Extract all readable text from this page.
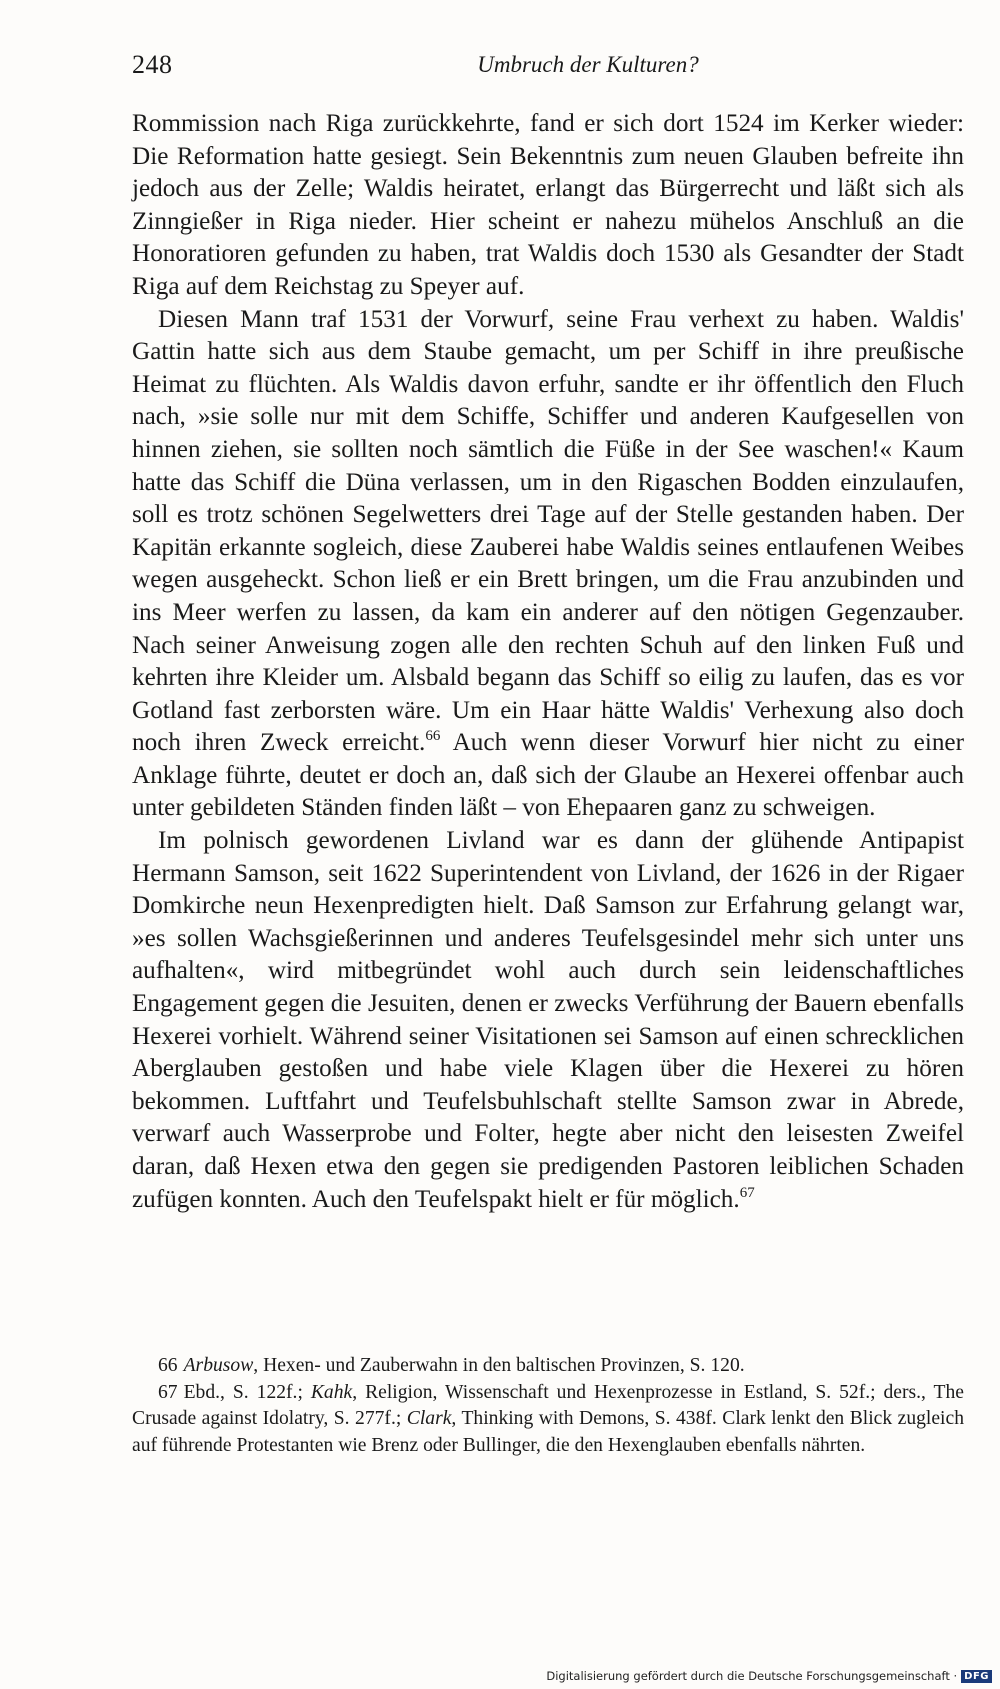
248	Umbruch der Kulturen?

Rommission nach Riga zurückkehrte, fand er sich dort 1524 im Kerker wieder: Die Reformation hatte gesiegt. Sein Bekenntnis zum neuen Glauben befreite ihn jedoch aus der Zelle; Waldis heiratet, erlangt das Bürgerrecht und läßt sich als Zinngießer in Riga nieder. Hier scheint er nahezu mühelos Anschluß an die Honoratioren gefunden zu haben, trat Waldis doch 1530 als Gesandter der Stadt Riga auf dem Reichstag zu Speyer auf.

Diesen Mann traf 1531 der Vorwurf, seine Frau verhext zu haben. Waldis' Gattin hatte sich aus dem Staube gemacht, um per Schiff in ihre preußische Heimat zu flüchten. Als Waldis davon erfuhr, sandte er ihr öffentlich den Fluch nach, »sie solle nur mit dem Schiffe, Schiffer und anderen Kaufgesellen von hinnen ziehen, sie sollten noch sämtlich die Füße in der See waschen!« Kaum hatte das Schiff die Düna verlassen, um in den Rigaschen Bodden einzulaufen, soll es trotz schönen Segelwetters drei Tage auf der Stelle gestanden haben. Der Kapitän erkannte sogleich, diese Zauberei habe Waldis seines entlaufenen Weibes wegen ausgeheckt. Schon ließ er ein Brett bringen, um die Frau anzubinden und ins Meer werfen zu lassen, da kam ein anderer auf den nötigen Gegenzauber. Nach seiner Anweisung zogen alle den rechten Schuh auf den linken Fuß und kehrten ihre Kleider um. Alsbald begann das Schiff so eilig zu laufen, das es vor Gotland fast zerborsten wäre. Um ein Haar hätte Waldis' Verhexung also doch noch ihren Zweck erreicht.$^{66}$ Auch wenn dieser Vorwurf hier nicht zu einer Anklage führte, deutet er doch an, daß sich der Glaube an Hexerei offenbar auch unter gebildeten Ständen finden läßt – von Ehepaaren ganz zu schweigen.

Im polnisch gewordenen Livland war es dann der glühende Antipapist Hermann Samson, seit 1622 Superintendent von Livland, der 1626 in der Rigaer Domkirche neun Hexenpredigten hielt. Daß Samson zur Erfahrung gelangt war, »es sollen Wachsgießerinnen und anderes Teufelsgesindel mehr sich unter uns aufhalten«, wird mitbegründet wohl auch durch sein leidenschaftliches Engagement gegen die Jesuiten, denen er zwecks Verführung der Bauern ebenfalls Hexerei vorhielt. Während seiner Visitationen sei Samson auf einen schrecklichen Aberglauben gestoßen und habe viele Klagen über die Hexerei zu hören bekommen. Luftfahrt und Teufelsbuhlschaft stellte Samson zwar in Abrede, verwarf auch Wasserprobe und Folter, hegte aber nicht den leisesten Zweifel daran, daß Hexen etwa den gegen sie predigenden Pastoren leiblichen Schaden zufügen konnten. Auch den Teufelspakt hielt er für möglich.$^{67}$

66 Arbusow, Hexen- und Zauberwahn in den baltischen Provinzen, S. 120.

67 Ebd., S. 122f.; Kahk, Religion, Wissenschaft und Hexenprozesse in Estland, S. 52f.; ders., The Crusade against Idolatry, S. 277f.; Clark, Thinking with Demons, S. 438f. Clark lenkt den Blick zugleich auf führende Protestanten wie Brenz oder Bullinger, die den Hexenglauben ebenfalls nährten.

Digitalisierung gefördert durch die Deutsche Forschungsgemeinschaft · DFG
